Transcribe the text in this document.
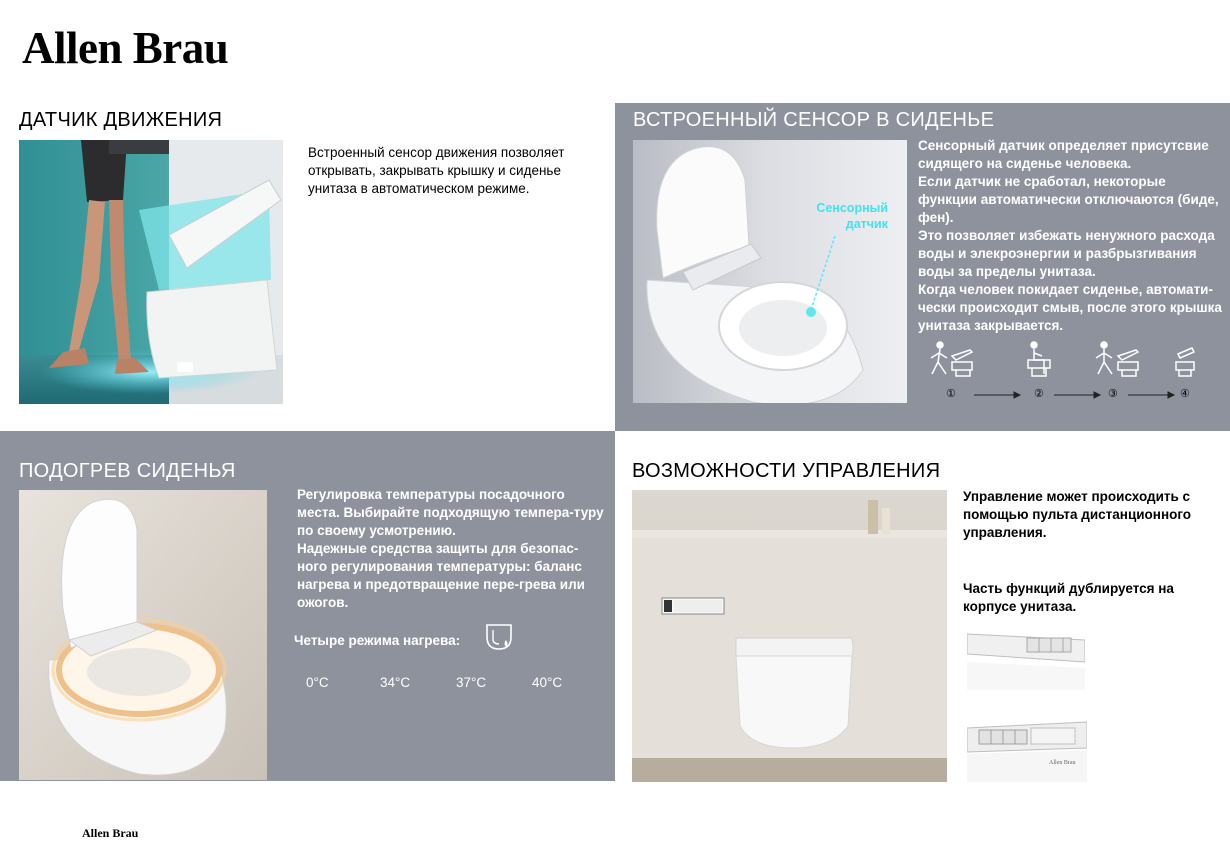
Allen Brau
ДАТЧИК ДВИЖЕНИЯ
Встроенный сенсор движения позволяет открывать, закрывать крышку и сиденье унитаза в автоматическом режиме.
ВСТРОЕННЫЙ СЕНСОР В СИДЕНЬЕ
Сенсорный
датчик
Сенсорный датчик определяет присутсвие сидящего на сиденье человека.
Если датчик не сработал, некоторые функции автоматически отключаются (биде, фен).
Это позволяет избежать ненужного расхода воды и элекроэнергии и разбрызгивания воды за пределы унитаза.
Когда человек покидает сиденье, автомати-чески происходит смыв, после этого крышка унитаза закрывается.
①	②	③	④
ПОДОГРЕВ СИДЕНЬЯ
Регулировка температуры посадочного места. Выбирайте подходящую темпера-туру по своему усмотрению.
Надежные средства защиты для безопас-ного регулирования температуры: баланс нагрева и предотвращение пере-грева или ожогов.
Четыре режима нагрева:
0°C	34°C	37°C	40°C
ВОЗМОЖНОСТИ УПРАВЛЕНИЯ
Управление может происходить с помощью пульта дистанционного управления.
Часть функций дублируется на корпусе унитаза.
Allen Brau
Allen Brau
